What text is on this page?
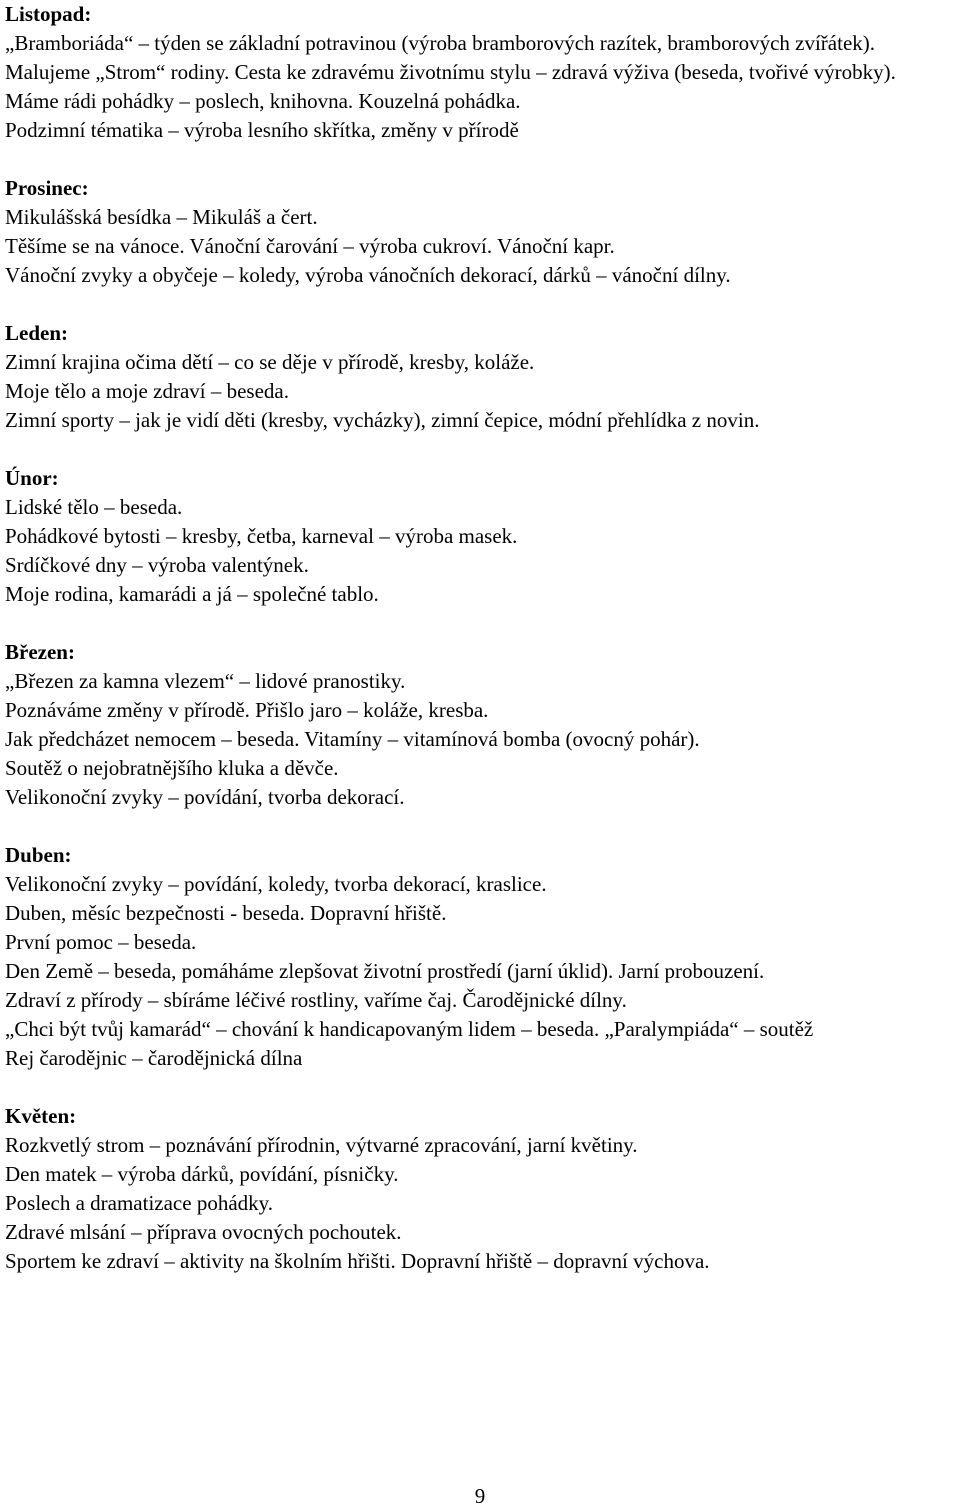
Listopad:
„Bramboriáda“ – týden se základní potravinou (výroba bramborových razítek, bramborových zvířátek).
Malujeme „Strom“ rodiny. Cesta ke zdravému životnímu stylu – zdravá výživa (beseda, tvořivé výrobky).
Máme rádi pohádky – poslech, knihovna. Kouzelná pohádka.
Podzimní tématika – výroba lesního skřítka, změny v přírodě
Prosinec:
Mikulášská besídka – Mikuláš a čert.
Těšíme se na vánoce. Vánoční čarování – výroba cukroví. Vánoční kapr.
Vánoční zvyky a obyčeje – koledy, výroba vánočních dekorací, dárků – vánoční dílny.
Leden:
Zimní krajina očima dětí – co se děje v přírodě, kresby, koláže.
Moje tělo a moje zdraví – beseda.
Zimní sporty – jak je vidí děti (kresby, vycházky), zimní čepice, módní přehlídka z novin.
Únor:
Lidské tělo – beseda.
Pohádkové bytosti – kresby, četba, karneval – výroba masek.
Srdíčkové dny – výroba valentýnek.
Moje rodina, kamarádi a já – společné tablo.
Březen:
„Březen za kamna vlezem“ – lidové pranostiky.
Poznáváme změny v přírodě. Přišlo jaro – koláže, kresba.
Jak předcházet nemocem – beseda. Vitamíny – vitamínová bomba (ovocný pohár).
Soutěž o nejobratnějšího kluka a děvče.
Velikonoční zvyky – povídání, tvorba dekorací.
Duben:
Velikonoční zvyky – povídání, koledy, tvorba dekorací, kraslice.
Duben, měsíc bezpečnosti - beseda. Dopravní hřiště.
První pomoc – beseda.
Den Země – beseda, pomáháme zlepšovat životní prostředí (jarní úklid). Jarní probouzení.
Zdraví z přírody – sbíráme léčivé rostliny, vaříme čaj. Čarodějnické dílny.
„Chci být tvůj kamarád“ – chování k handicapovaným lidem – beseda. „Paralympiáda“ – soutěž
Rej čarodějnic – čarodějnická dílna
Květen:
Rozkvetlý strom – poznávání přírodnin, výtvarné zpracování, jarní květiny.
Den matek – výroba dárků, povídání, písničky.
Poslech a dramatizace pohádky.
Zdravé mlsání – příprava ovocných pochoutek.
Sportem ke zdraví – aktivity na školním hřišti. Dopravní hřiště – dopravní výchova.
9
